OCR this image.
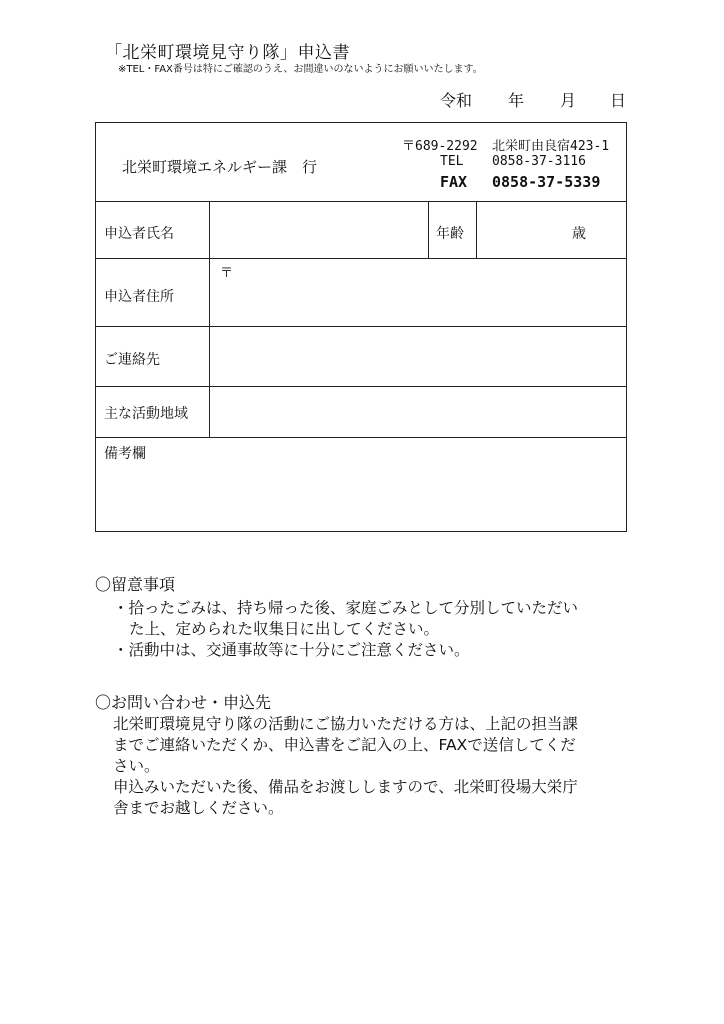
「北栄町環境見守り隊」申込書
※TEL・FAX番号は特にご確認のうえ、お間違いのないようにお願いいたします。
令和 年 月 日
北栄町環境エネルギー課　行
〒689-2292 北栄町由良宿423-1
TEL 0858-37-3116
FAX 0858-37-5339
申込者氏名	年齢	歳
申込者住所
〒
ご連絡先
主な活動地域
備考欄
〇留意事項
・拾ったごみは、持ち帰った後、家庭ごみとして分別していただい
た上、定められた収集日に出してください。
・活動中は、交通事故等に十分にご注意ください。
〇お問い合わせ・申込先
北栄町環境見守り隊の活動にご協力いただける方は、上記の担当課
までご連絡いただくか、申込書をご記入の上、FAXで送信してくだ
さい。
申込みいただいた後、備品をお渡ししますので、北栄町役場大栄庁
舎までお越しください。
